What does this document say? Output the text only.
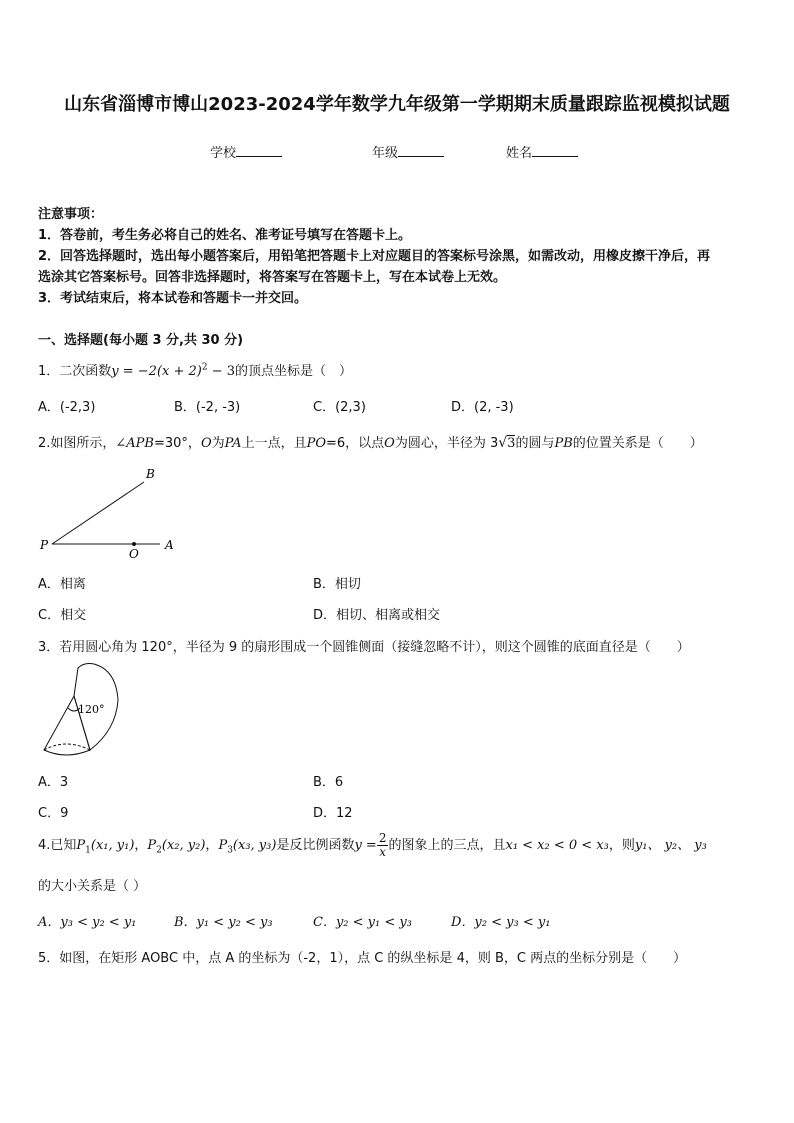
山东省淄博市博山2023-2024学年数学九年级第一学期期末质量跟踪监视模拟试题
学校	年级	姓名
注意事项：
1．答卷前，考生务必将自己的姓名、准考证号填写在答题卡上。
2．回答选择题时，选出每小题答案后，用铅笔把答题卡上对应题目的答案标号涂黑，如需改动，用橡皮擦干净后，再
选涂其它答案标号。回答非选择题时，将答案写在答题卡上，写在本试卷上无效。
3．考试结束后，将本试卷和答题卡一并交回。
一、选择题(每小题 3 分,共 30 分)
1．二次函数$y = -2(x + 2)^2 - 3$的顶点坐标是（　）
A．(-2,3)	B．(-2, -3)	C．(2,3)	D．(2, -3)
2.如图所示，∠APB=30°，O为PA上一点，且PO=6，以点O为圆心，半径为 3√3的圆与PB的位置关系是（　　）
B
P
O
A
A．相离	B．相切
C．相交	D．相切、相离或相交
3．若用圆心角为 120°，半径为 9 的扇形围成一个圆锥侧面（接缝忽略不计），则这个圆锥的底面直径是（　　）
120°
A．3	B．6
C．9	D．12
4.已知$P_1(x_1$, y₁)，$P_2(x_2$, y₂)，$P_3(x_3$, y₃)是反比例函数$y = \frac{2}{x}$ 的图象上的三点，且x₁ < x₂ < 0 < x₃，则y₁、 y₂、 y₃
的大小关系是（ ）
A．y₃ < y₂ < y₁	B．y₁ < y₂ < y₃	C．y₂ < y₁ < y₃	D．y₂ < y₃ < y₁
5．如图，在矩形 AOBC 中，点 A 的坐标为（-2，1），点 C 的纵坐标是 4，则 B，C 两点的坐标分别是（　　）
